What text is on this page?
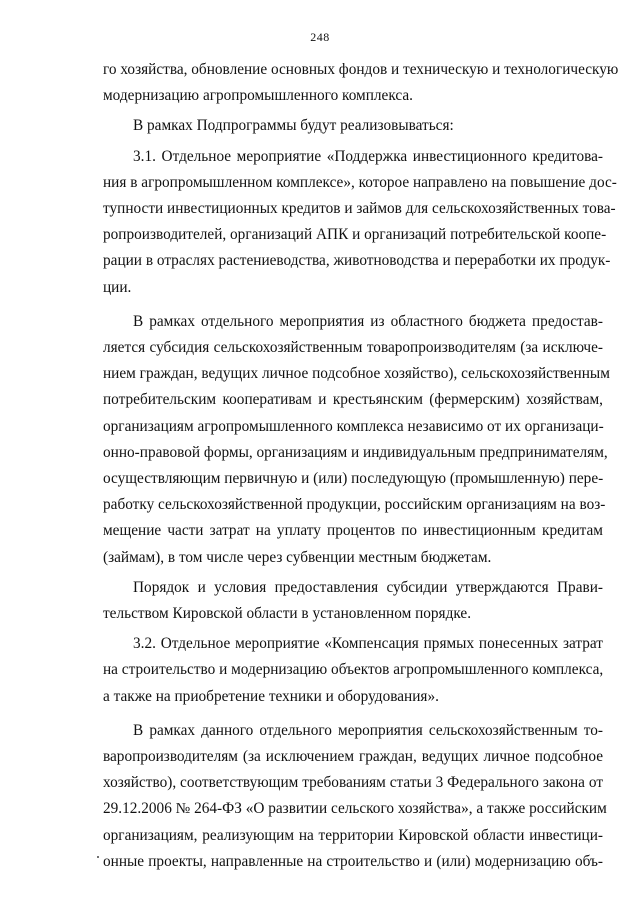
248
го хозяйства, обновление основных фондов и техническую и технологическую
модернизацию агропромышленного комплекса.
В рамках Подпрограммы будут реализовываться:
3.1. Отдельное мероприятие «Поддержка инвестиционного кредитова-
ния в агропромышленном комплексе», которое направлено на повышение дос-
тупности инвестиционных кредитов и займов для сельскохозяйственных това-
ропроизводителей, организаций АПК и организаций потребительской коопе-
рации в отраслях растениеводства, животноводства и переработки их продук-
ции.
В рамках отдельного мероприятия из областного бюджета предостав-
ляется субсидия сельскохозяйственным товаропроизводителям (за исключе-
нием граждан, ведущих личное подсобное хозяйство), сельскохозяйственным
потребительским кооперативам и крестьянским (фермерским) хозяйствам,
организациям агропромышленного комплекса независимо от их организаци-
онно-правовой формы, организациям и индивидуальным предпринимателям,
осуществляющим первичную и (или) последующую (промышленную) пере-
работку сельскохозяйственной продукции, российским организациям на воз-
мещение части затрат на уплату процентов по инвестиционным кредитам
(займам), в том числе через субвенции местным бюджетам.
Порядок и условия предоставления субсидии утверждаются Прави-
тельством Кировской области в установленном порядке.
3.2. Отдельное мероприятие «Компенсация прямых понесенных затрат
на строительство и модернизацию объектов агропромышленного комплекса,
а также на приобретение техники и оборудования».
В рамках данного отдельного мероприятия сельскохозяйственным то-
варопроизводителям (за исключением граждан, ведущих личное подсобное
хозяйство), соответствующим требованиям статьи 3 Федерального закона от
29.12.2006 № 264-ФЗ «О развитии сельского хозяйства», а также российским
организациям, реализующим на территории Кировской области инвестици-
онные проекты, направленные на строительство и (или) модернизацию объ-
